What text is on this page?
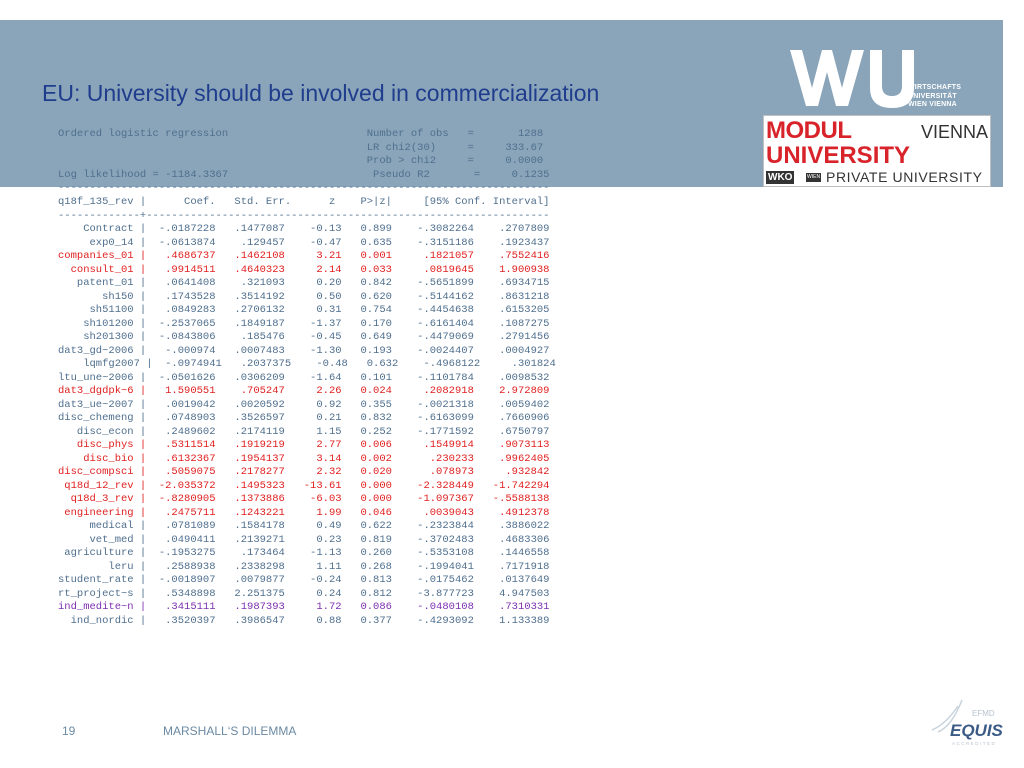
EU: University should be involved in commercialization	WIRTSCHAFTS
UNIVERSITÄT
WIEN VIENNA
MODUL	VIENNA
UNIVERSITY
WKO	WIEN PRIVATE UNIVERSITY
Ordered logistic regression                      Number of obs   =       1288
LR chi2(30)     =     333.67
Prob > chi2     =     0.0000
Log likelihood = -1184.3367                       Pseudo R2       =     0.1235
------------------------------------------------------------------------------
q18f_135_rev |      Coef.   Std. Err.      z    P>|z|     [95% Conf. Interval]
-------------+----------------------------------------------------------------
Contract |  -.0187228   .1477087    -0.13   0.899    -.3082264    .2707809
exp0_14 |  -.0613874    .129457    -0.47   0.635    -.3151186    .1923437
companies_01 |   .4686737   .1462108     3.21   0.001     .1821057    .7552416
consult_01 |   .9914511   .4640323     2.14   0.033     .0819645    1.900938
patent_01 |   .0641408    .321093     0.20   0.842    -.5651899    .6934715
sh150 |   .1743528   .3514192     0.50   0.620    -.5144162    .8631218
sh51100 |   .0849283   .2706132     0.31   0.754    -.4454638    .6153205
sh101200 |  -.2537065   .1849187    -1.37   0.170    -.6161404    .1087275
sh201300 |  -.0843806    .185476    -0.45   0.649    -.4479069    .2791456
dat3_gd~2006 |   -.000974   .0007483    -1.30   0.193    -.0024407    .0004927
lqmfg2007 |  -.0974941   .2037375    -0.48   0.632    -.4968122     .301824
ltu_une~2006 |  -.0501626   .0306209    -1.64   0.101    -.1101784    .0098532
dat3_dgdpk~6 |   1.590551    .705247     2.26   0.024     .2082918    2.972809
dat3_ue~2007 |   .0019042   .0020592     0.92   0.355    -.0021318    .0059402
disc_chemeng |   .0748903   .3526597     0.21   0.832    -.6163099    .7660906
disc_econ |   .2489602   .2174119     1.15   0.252    -.1771592    .6750797
disc_phys |   .5311514   .1919219     2.77   0.006     .1549914    .9073113
disc_bio |   .6132367   .1954137     3.14   0.002      .230233    .9962405
disc_compsci |   .5059075   .2178277     2.32   0.020      .078973     .932842
q18d_12_rev |  -2.035372   .1495323   -13.61   0.000    -2.328449   -1.742294
q18d_3_rev |  -.8280905   .1373886    -6.03   0.000    -1.097367   -.5588138
engineering |   .2475711   .1243221     1.99   0.046     .0039043    .4912378
medical |   .0781089   .1584178     0.49   0.622    -.2323844    .3886022
vet_med |   .0490411   .2139271     0.23   0.819    -.3702483    .4683306
agriculture |  -.1953275    .173464    -1.13   0.260    -.5353108    .1446558
leru |   .2588938   .2338298     1.11   0.268    -.1994041    .7171918
student_rate |  -.0018907   .0079877    -0.24   0.813    -.0175462    .0137649
rt_project~s |   .5348898   2.251375     0.24   0.812    -3.877723    4.947503
ind_medite~n |   .3415111   .1987393     1.72   0.086    -.0480108    .7310331
ind_nordic |   .3520397   .3986547     0.88   0.377    -.4293092    1.133389

19	MARSHALL‘S DILEMMA
EFMD
EQUIS
ACCREDITED
